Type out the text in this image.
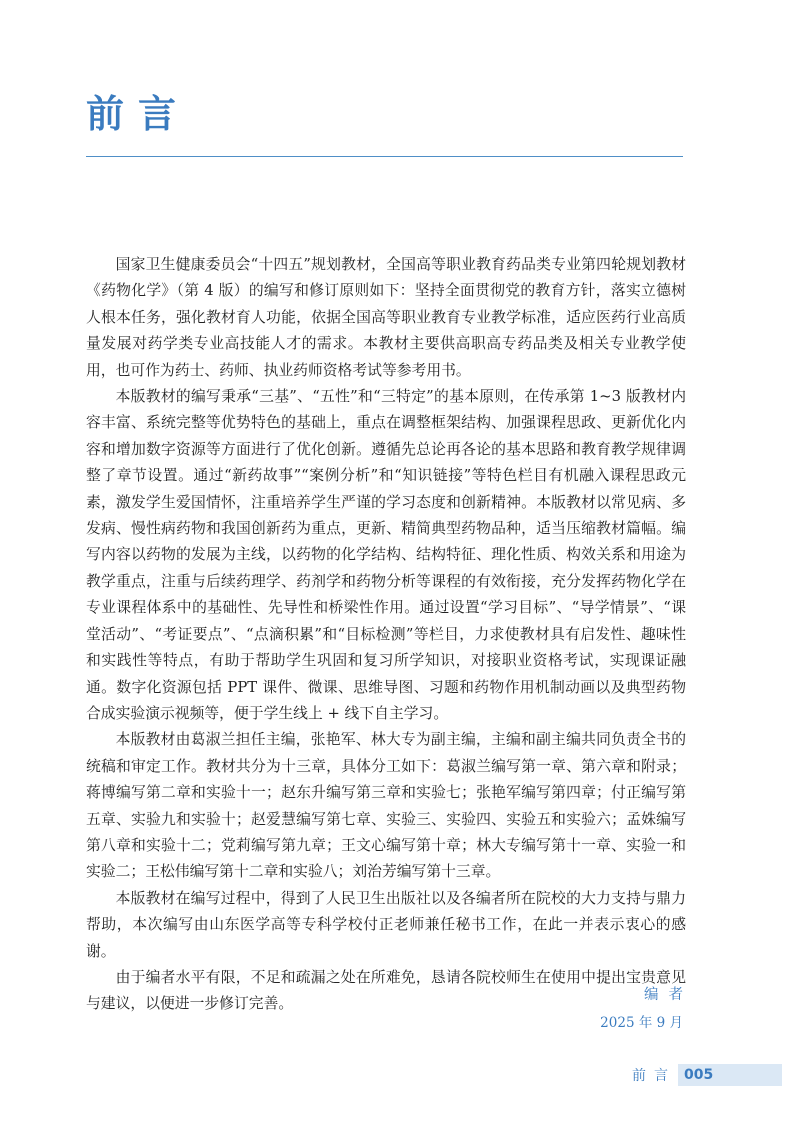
前言

国家卫生健康委员会“十四五”规划教材，全国高等职业教育药品类专业第四轮规划教材《药物化学》（第 4 版）的编写和修订原则如下：坚持全面贯彻党的教育方针，落实立德树人根本任务，强化教材育人功能，依据全国高等职业教育专业教学标准，适应医药行业高质量发展对药学类专业高技能人才的需求。本教材主要供高职高专药品类及相关专业教学使用，也可作为药士、药师、执业药师资格考试等参考用书。

本版教材的编写秉承“三基”、“五性”和“三特定”的基本原则，在传承第 1~3 版教材内容丰富、系统完整等优势特色的基础上，重点在调整框架结构、加强课程思政、更新优化内容和增加数字资源等方面进行了优化创新。遵循先总论再各论的基本思路和教育教学规律调整了章节设置。通过“新药故事”“案例分析”和“知识链接”等特色栏目有机融入课程思政元素，激发学生爱国情怀，注重培养学生严谨的学习态度和创新精神。本版教材以常见病、多发病、慢性病药物和我国创新药为重点，更新、精简典型药物品种，适当压缩教材篇幅。编写内容以药物的发展为主线，以药物的化学结构、结构特征、理化性质、构效关系和用途为教学重点，注重与后续药理学、药剂学和药物分析等课程的有效衔接，充分发挥药物化学在专业课程体系中的基础性、先导性和桥梁性作用。通过设置“学习目标”、“导学情景”、“课堂活动”、“考证要点”、“点滴积累”和“目标检测”等栏目，力求使教材具有启发性、趣味性和实践性等特点，有助于帮助学生巩固和复习所学知识，对接职业资格考试，实现课证融通。数字化资源包括 PPT 课件、微课、思维导图、习题和药物作用机制动画以及典型药物合成实验演示视频等，便于学生线上 + 线下自主学习。

本版教材由葛淑兰担任主编，张艳军、林大专为副主编，主编和副主编共同负责全书的统稿和审定工作。教材共分为十三章，具体分工如下：葛淑兰编写第一章、第六章和附录；蒋博编写第二章和实验十一；赵东升编写第三章和实验七；张艳军编写第四章；付正编写第五章、实验九和实验十；赵爱慧编写第七章、实验三、实验四、实验五和实验六；孟姝编写第八章和实验十二；党莉编写第九章；王文心编写第十章；林大专编写第十一章、实验一和实验二；王松伟编写第十二章和实验八；刘治芳编写第十三章。

本版教材在编写过程中，得到了人民卫生出版社以及各编者所在院校的大力支持与鼎力帮助，本次编写由山东医学高等专科学校付正老师兼任秘书工作，在此一并表示衷心的感谢。

由于编者水平有限，不足和疏漏之处在所难免，恳请各院校师生在使用中提出宝贵意见与建议，以便进一步修订完善。

编者
2025 年 9 月
前言 005
